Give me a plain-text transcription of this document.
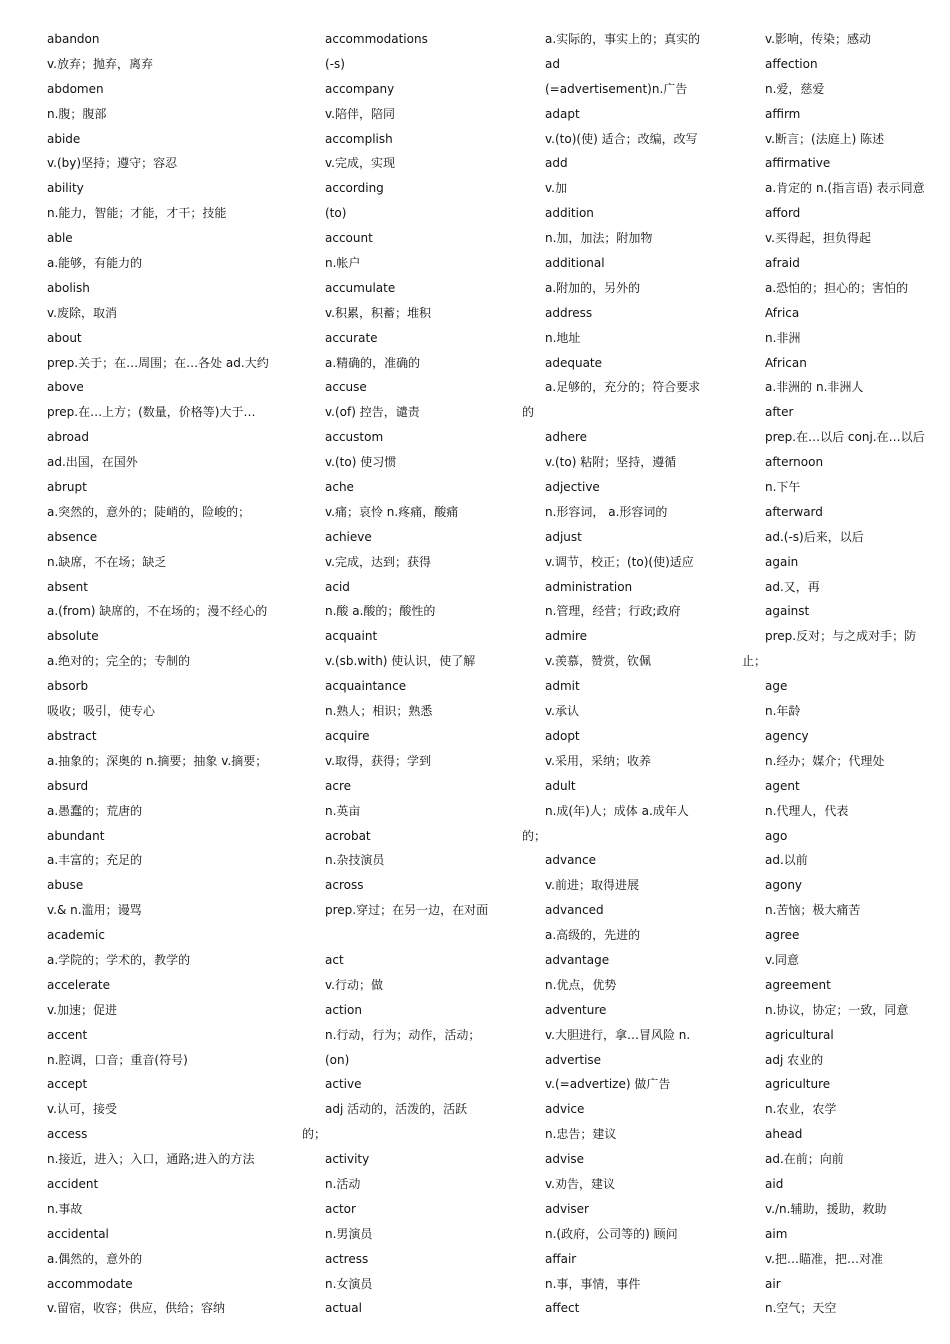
abandon
v.放弃；抛弃，离弃
abdomen
n.腹；腹部
abide
v.(by)坚持；遵守；容忍
ability
n.能力，智能；才能，才干；技能
able
a.能够，有能力的
abolish
v.废除，取消
about
prep.关于；在…周围；在…各处 ad.大约
above
prep.在…上方；(数量，价格等)大于…
abroad
ad.出国，在国外
abrupt
a.突然的，意外的；陡峭的，险峻的；
absence
n.缺席，不在场；缺乏
absent
a.(from) 缺席的，不在场的；漫不经心的
absolute
a.绝对的；完全的；专制的
absorb
吸收；吸引，使专心
abstract
a.抽象的；深奥的 n.摘要；抽象 v.摘要；
absurd
a.愚蠢的；荒唐的
abundant
a.丰富的；充足的
abuse
v.& n.滥用；谩骂
academic
a.学院的；学术的，教学的
accelerate
v.加速；促进
accent
n.腔调，口音；重音(符号)
accept
v.认可，接受
access
n.接近，进入；入口，通路;进入的方法
accident
n.事故
accidental
a.偶然的，意外的
accommodate
v.留宿，收容；供应，供给；容纳
accommodations
(-s)
accompany
v.陪伴，陪同
accomplish
v.完成，实现
according
(to)
account
n.帐户
accumulate
v.积累，积蓄；堆积
accurate
a.精确的，准确的
accuse
v.(of) 控告，谴责
accustom
v.(to) 使习惯
ache
v.痛；哀怜 n.疼痛，酸痛
achieve
v.完成，达到；获得
acid
n.酸 a.酸的；酸性的
acquaint
v.(sb.with) 使认识，使了解
acquaintance
n.熟人；相识；熟悉
acquire
v.取得，获得；学到
acre
n.英亩
acrobat
n.杂技演员
across
prep.穿过；在另一边，在对面
act
v.行动；做
action
n.行动，行为；动作，活动；
(on)
active
adj 活动的，活泼的，活跃
的；
activity
n.活动
actor
n.男演员
actress
n.女演员
actual
a.实际的，事实上的；真实的
ad
(=advertisement)n.广告
adapt
v.(to)(使) 适合；改编，改写
add
v.加
addition
n.加，加法；附加物
additional
a.附加的，另外的
address
n.地址
adequate
a.足够的，充分的；符合要求
的
adhere
v.(to) 粘附；坚持，遵循
adjective
n.形容词， a.形容词的
adjust
v.调节，校正；(to)(使)适应
administration
n.管理，经营；行政;政府
admire
v.羡慕，赞赏，钦佩
admit
v.承认
adopt
v.采用，采纳；收养
adult
n.成(年)人；成体 a.成年人
的；
advance
v.前进；取得进展
advanced
a.高级的，先进的
advantage
n.优点，优势
adventure
v.大胆进行，拿…冒风险 n.
advertise
v.(=advertize) 做广告
advice
n.忠告；建议
advise
v.劝告，建议
adviser
n.(政府，公司等的) 顾问
affair
n.事，事情，事件
affect
v.影响，传染；感动
affection
n.爱，慈爱
affirm
v.断言；(法庭上) 陈述
affirmative
a.肯定的 n.(指言语) 表示同意
afford
v.买得起，担负得起
afraid
a.恐怕的；担心的；害怕的
Africa
n.非洲
African
a.非洲的 n.非洲人
after
prep.在…以后 conj.在…以后
afternoon
n.下午
afterward
ad.(-s)后来，以后
again
ad.又，再
against
prep.反对；与之成对手；防
止；
age
n.年龄
agency
n.经办；媒介；代理处
agent
n.代理人，代表
ago
ad.以前
agony
n.苦恼；极大痛苦
agree
v.同意
agreement
n.协议，协定；一致，同意
agricultural
adj 农业的
agriculture
n.农业，农学
ahead
ad.在前；向前
aid
v./n.辅助，援助，救助
aim
v.把…瞄准，把…对准
air
n.空气；天空
